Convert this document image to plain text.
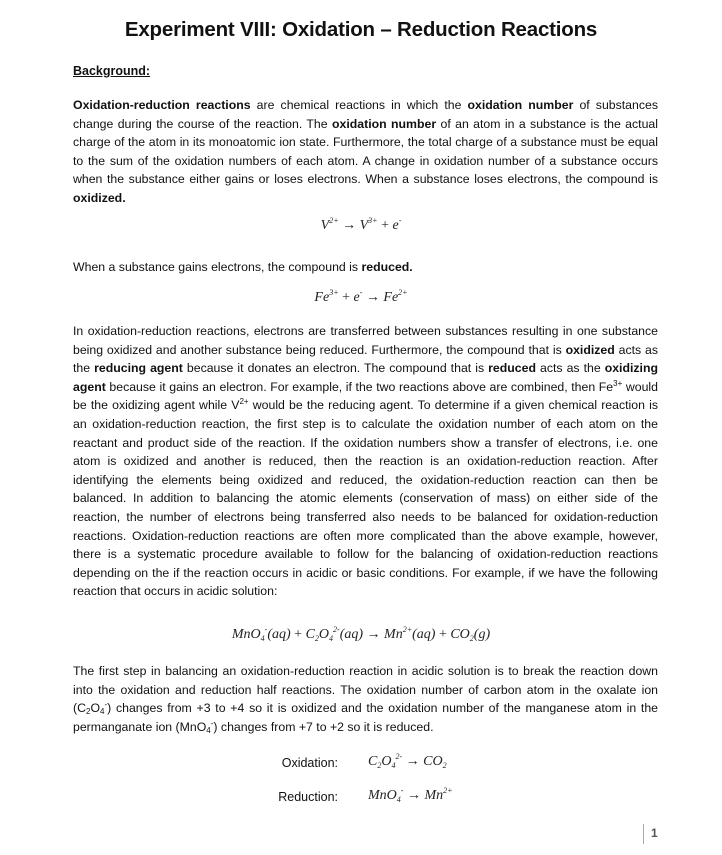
Experiment VIII: Oxidation – Reduction Reactions
Background:
Oxidation-reduction reactions are chemical reactions in which the oxidation number of substances change during the course of the reaction. The oxidation number of an atom in a substance is the actual charge of the atom in its monoatomic ion state. Furthermore, the total charge of a substance must be equal to the sum of the oxidation numbers of each atom. A change in oxidation number of a substance occurs when the substance either gains or loses electrons. When a substance loses electrons, the compound is oxidized.
$V^{2+} \to V^{3+} + e^-$
When a substance gains electrons, the compound is reduced.
$Fe^{3+} + e^- \to Fe^{2+}$
In oxidation-reduction reactions, electrons are transferred between substances resulting in one substance being oxidized and another substance being reduced. Furthermore, the compound that is oxidized acts as the reducing agent because it donates an electron. The compound that is reduced acts as the oxidizing agent because it gains an electron. For example, if the two reactions above are combined, then $Fe^{3+}$ would be the oxidizing agent while $V^{2+}$ would be the reducing agent. To determine if a given chemical reaction is an oxidation-reduction reaction, the first step is to calculate the oxidation number of each atom on the reactant and product side of the reaction. If the oxidation numbers show a transfer of electrons, i.e. one atom is oxidized and another is reduced, then the reaction is an oxidation-reduction reaction. After identifying the elements being oxidized and reduced, the oxidation-reduction reaction can then be balanced. In addition to balancing the atomic elements (conservation of mass) on either side of the reaction, the number of electrons being transferred also needs to be balanced for oxidation-reduction reactions. Oxidation-reduction reactions are often more complicated than the above example, however, there is a systematic procedure available to follow for the balancing of oxidation-reduction reactions depending on the if the reaction occurs in acidic or basic conditions. For example, if we have the following reaction that occurs in acidic solution:
$MnO_4^-(aq) + C_2O_4^{2-}(aq) \to Mn^{2+}(aq) + CO_2(g)$
The first step in balancing an oxidation-reduction reaction in acidic solution is to break the reaction down into the oxidation and reduction half reactions. The oxidation number of carbon atom in the oxalate ion $(C_2O_4^-)$ changes from +3 to +4 so it is oxidized and the oxidation number of the manganese atom in the permanganate ion (MnO$_4$-) changes from +7 to +2 so it is reduced.
Oxidation: $C_2O_4^{2-} \to CO_2$
Reduction: $MnO_4^- \to Mn^{2+}$
1
